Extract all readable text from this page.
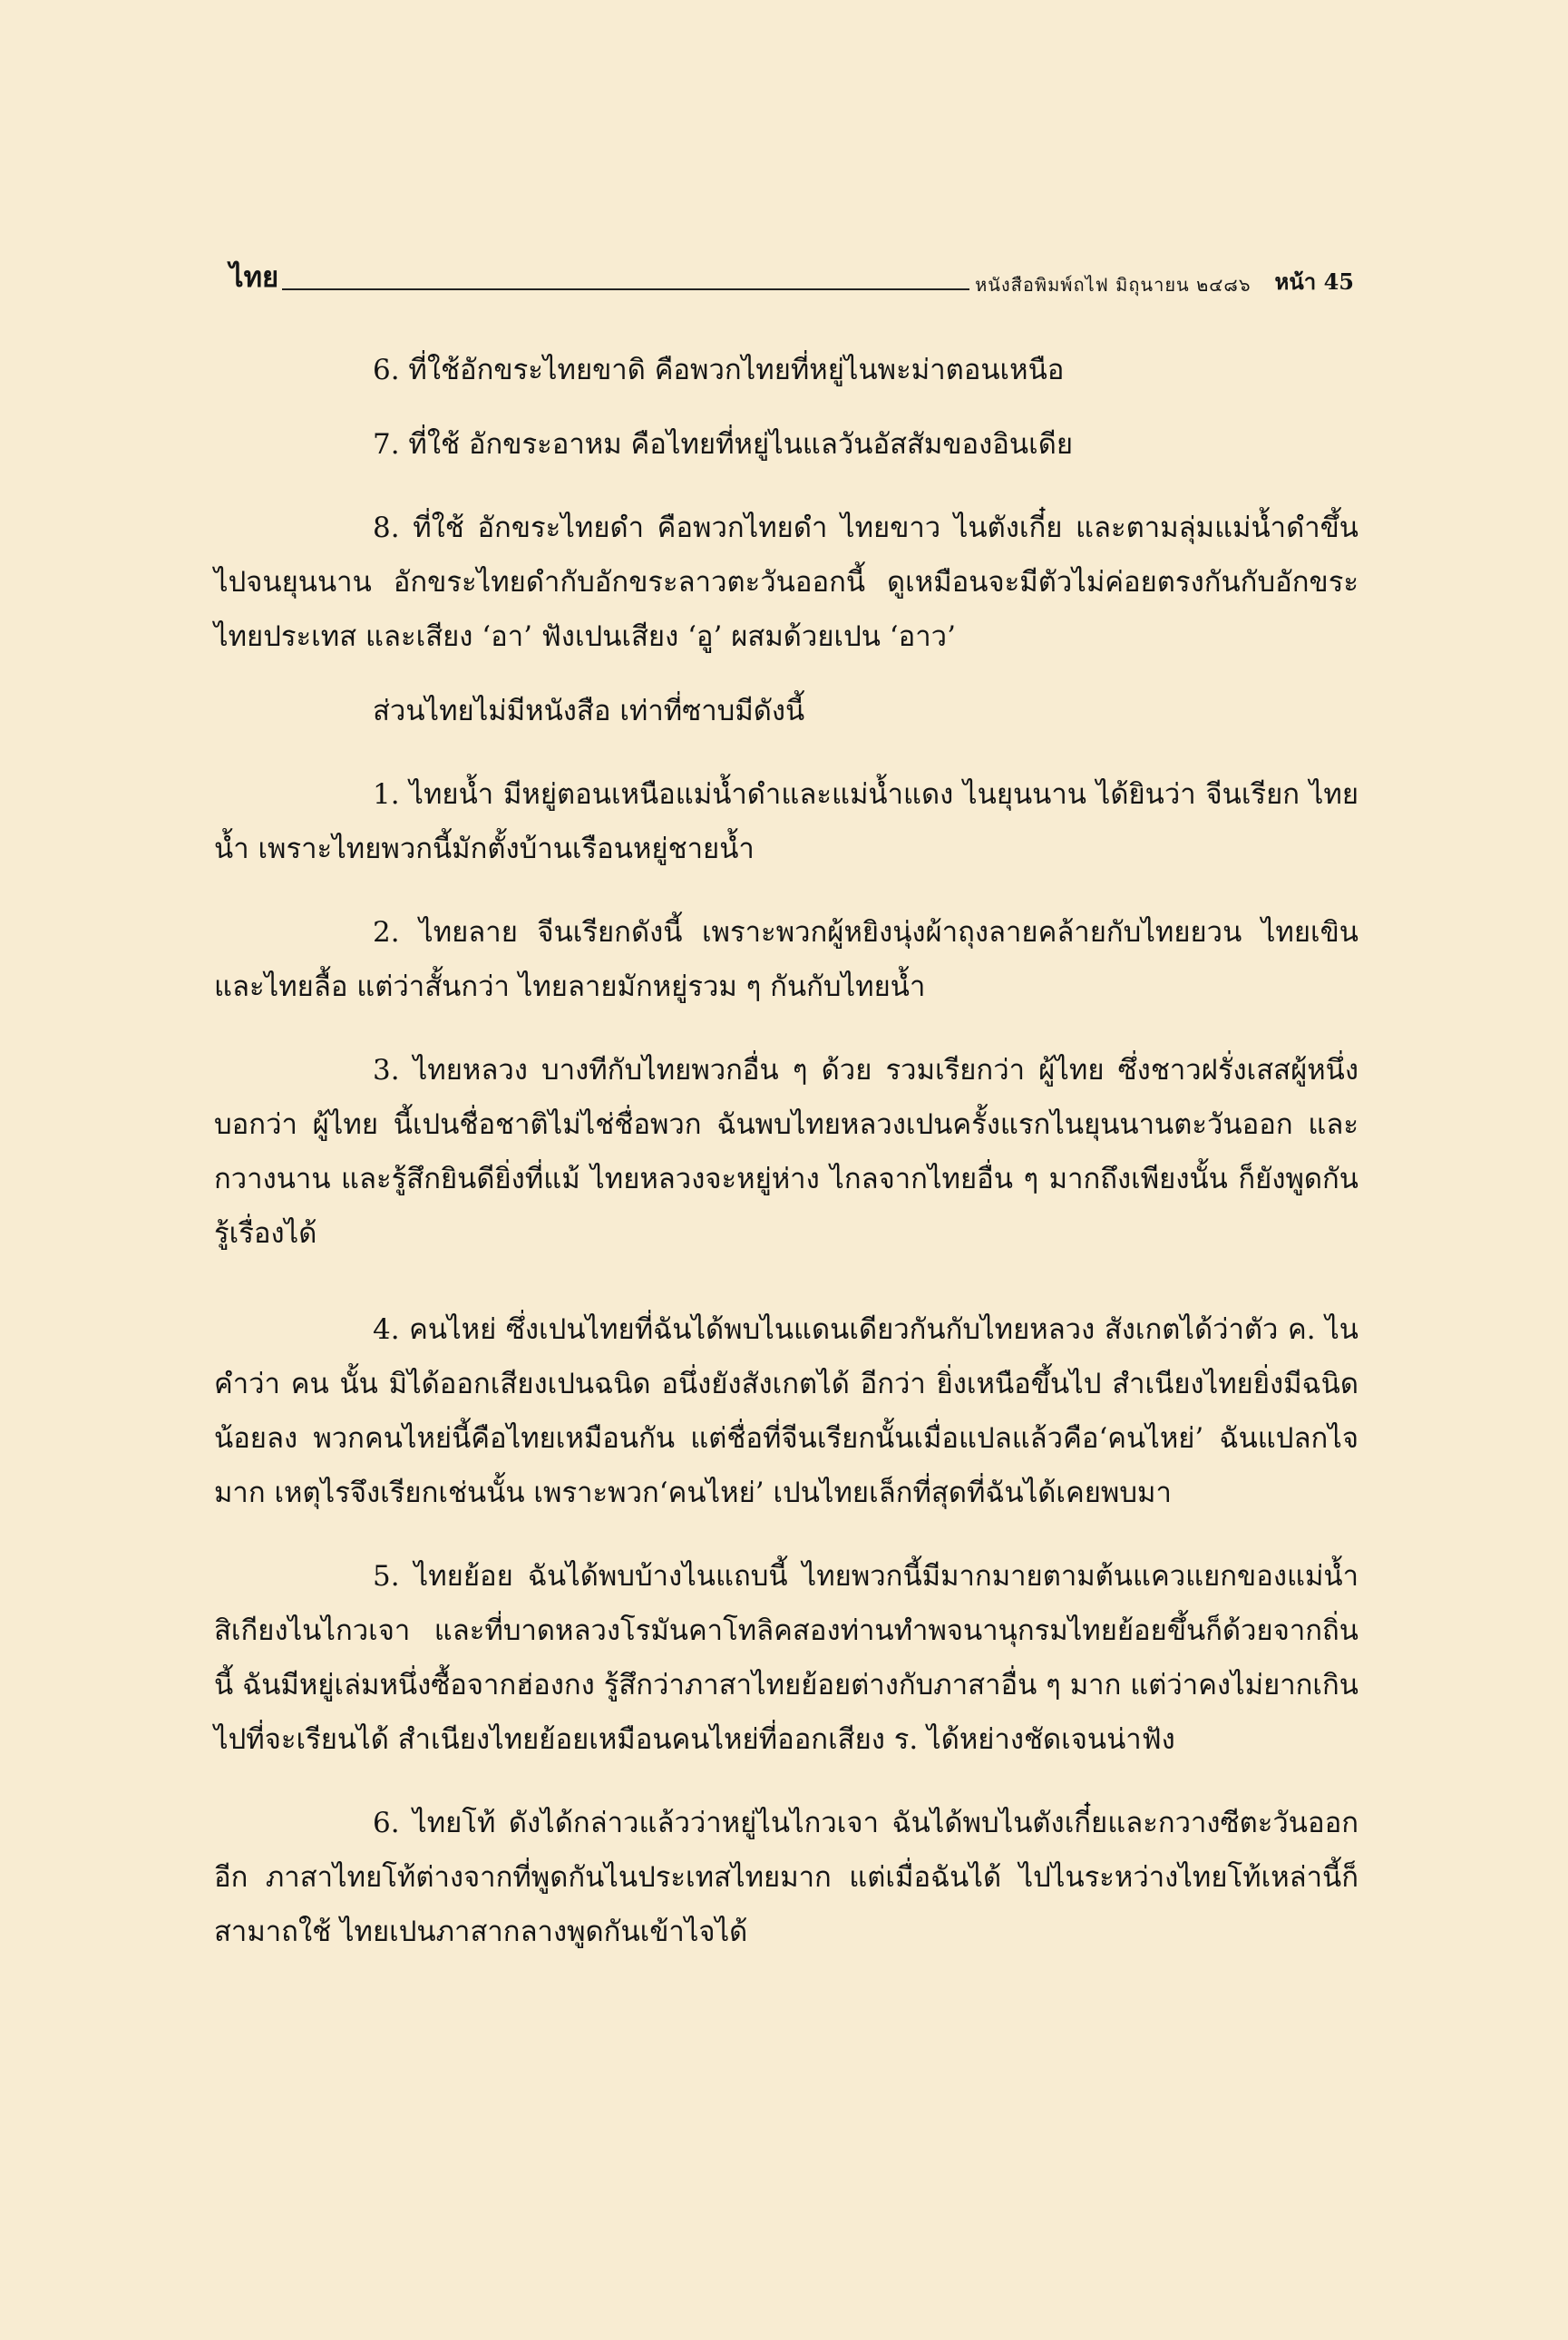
ไทย	หนังสือพิมพ์ถไฟ มิถุนายน ๒๔๘๖ หน้า 45

6. ที่ใช้อักขระไทยขาดิ คือพวกไทยที่หยู่ไนพะม่าตอนเหนือ

7. ที่ใช้ อักขระอาหม คือไทยที่หยู่ไนแลวันอัสสัมของอินเดีย

8. ที่ใช้ อักขระไทยดำ คือพวกไทยดำ ไทยขาว ไนตังเกี๋ย และตามลุ่มแม่น้ำดำขึ้นไปจนยุนนาน อักขระไทยดำกับอักขระลาวตะวันออกนี้ ดูเหมือนจะมีตัวไม่ค่อยตรงกันกับอักขระไทยประเทส และเสียง ‘อา’ ฟังเปนเสียง ‘อู’ ผสมด้วยเปน ‘อาว’

ส่วนไทยไม่มีหนังสือ เท่าที่ซาบมีดังนี้

1. ไทยน้ำ มีหยู่ตอนเหนือแม่น้ำดำและแม่น้ำแดง ไนยุนนาน ได้ยินว่า จีนเรียก ไทยน้ำ เพราะไทยพวกนี้มักตั้งบ้านเรือนหยู่ชายน้ำ

2. ไทยลาย จีนเรียกดังนี้ เพราะพวกผู้หยิงนุ่งผ้าถุงลายคล้ายกับไทยยวน ไทยเขิน และไทยลื้อ แต่ว่าสั้นกว่า ไทยลายมักหยู่รวม ๆ กันกับไทยน้ำ

3. ไทยหลวง บางทีกับไทยพวกอื่น ๆ ด้วย รวมเรียกว่า ผู้ไทย ซึ่งชาวฝรั่งเสสผู้หนึ่งบอกว่า ผู้ไทย นี้เปนชื่อชาติไม่ไช่ชื่อพวก ฉันพบไทยหลวงเปนครั้งแรกไนยุนนานตะวันออก และกวางนาน และรู้สึกยินดียิ่งที่แม้ ไทยหลวงจะหยู่ห่าง ไกลจากไทยอื่น ๆ มากถึงเพียงนั้น ก็ยังพูดกันรู้เรื่องได้

4. คนไหย่ ซึ่งเปนไทยที่ฉันได้พบไนแดนเดียวกันกับไทยหลวง สังเกตได้ว่าตัว ค. ไนคำว่า คน นั้น มิได้ออกเสียงเปนฉนิด อนึ่งยังสังเกตได้ อีกว่า ยิ่งเหนือขึ้นไป สำเนียงไทยยิ่งมีฉนิดน้อยลง พวกคนไหย่นี้คือไทยเหมือนกัน แต่ชื่อที่จีนเรียกนั้นเมื่อแปลแล้วคือ‘คนไหย่’ ฉันแปลกไจมาก เหตุไรจึงเรียกเช่นนั้น เพราะพวก‘คนไหย่’ เปนไทยเล็กที่สุดที่ฉันได้เคยพบมา

5. ไทยย้อย ฉันได้พบบ้างไนแถบนี้ ไทยพวกนี้มีมากมายตามต้นแควแยกของแม่น้ำสิเกียงไนไกวเจา และที่บาดหลวงโรมันคาโทลิคสองท่านทำพจนานุกรมไทยย้อยขึ้นก็ด้วยจากถิ่นนี้ ฉันมีหยู่เล่มหนึ่งซื้อจากฮ่องกง รู้สึกว่าภาสาไทยย้อยต่างกับภาสาอื่น ๆ มาก แต่ว่าคงไม่ยากเกินไปที่จะเรียนได้ สำเนียงไทยย้อยเหมือนคนไหย่ที่ออกเสียง ร. ได้หย่างชัดเจนน่าฟัง

6. ไทยโท้ ดังได้กล่าวแล้วว่าหยู่ไนไกวเจา ฉันได้พบไนตังเกี๋ยและกวางซีตะวันออกอีก ภาสาไทยโท้ต่างจากที่พูดกันไนประเทสไทยมาก แต่เมื่อฉันได้ ไปไนระหว่างไทยโท้เหล่านี้ก็สามาถใช้ ไทยเปนภาสากลางพูดกันเข้าไจได้
